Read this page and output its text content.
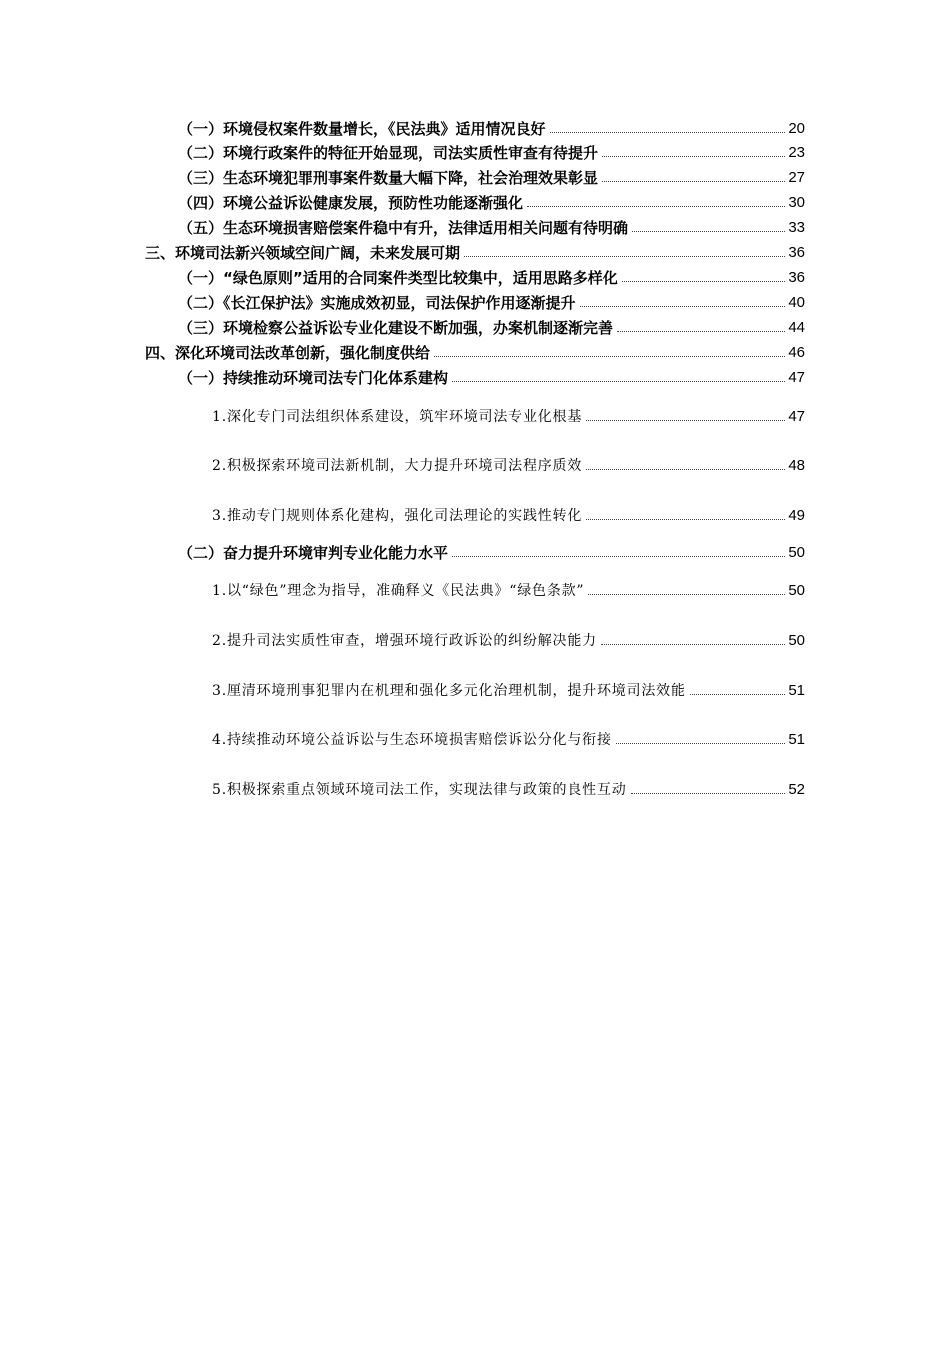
（一）环境侵权案件数量增长，《民法典》适用情况良好	20
（二）环境行政案件的特征开始显现，司法实质性审查有待提升	23
（三）生态环境犯罪刑事案件数量大幅下降，社会治理效果彰显	27
（四）环境公益诉讼健康发展，预防性功能逐渐强化	30
（五）生态环境损害赔偿案件稳中有升，法律适用相关问题有待明确	33
三、环境司法新兴领域空间广阔，未来发展可期	36
（一）“绿色原则”适用的合同案件类型比较集中，适用思路多样化	36
（二）《长江保护法》实施成效初显，司法保护作用逐渐提升	40
（三）环境检察公益诉讼专业化建设不断加强，办案机制逐渐完善	44
四、深化环境司法改革创新，强化制度供给	46
（一）持续推动环境司法专门化体系建构	47
1.深化专门司法组织体系建设，筑牢环境司法专业化根基	47
2.积极探索环境司法新机制，大力提升环境司法程序质效	48
3.推动专门规则体系化建构，强化司法理论的实践性转化	49
（二）奋力提升环境审判专业化能力水平	50
1.以“绿色”理念为指导，准确释义《民法典》“绿色条款”	50
2.提升司法实质性审查，增强环境行政诉讼的纠纷解决能力	50
3.厘清环境刑事犯罪内在机理和强化多元化治理机制，提升环境司法效能	51
4.持续推动环境公益诉讼与生态环境损害赔偿诉讼分化与衔接	51
5.积极探索重点领域环境司法工作，实现法律与政策的良性互动	52
